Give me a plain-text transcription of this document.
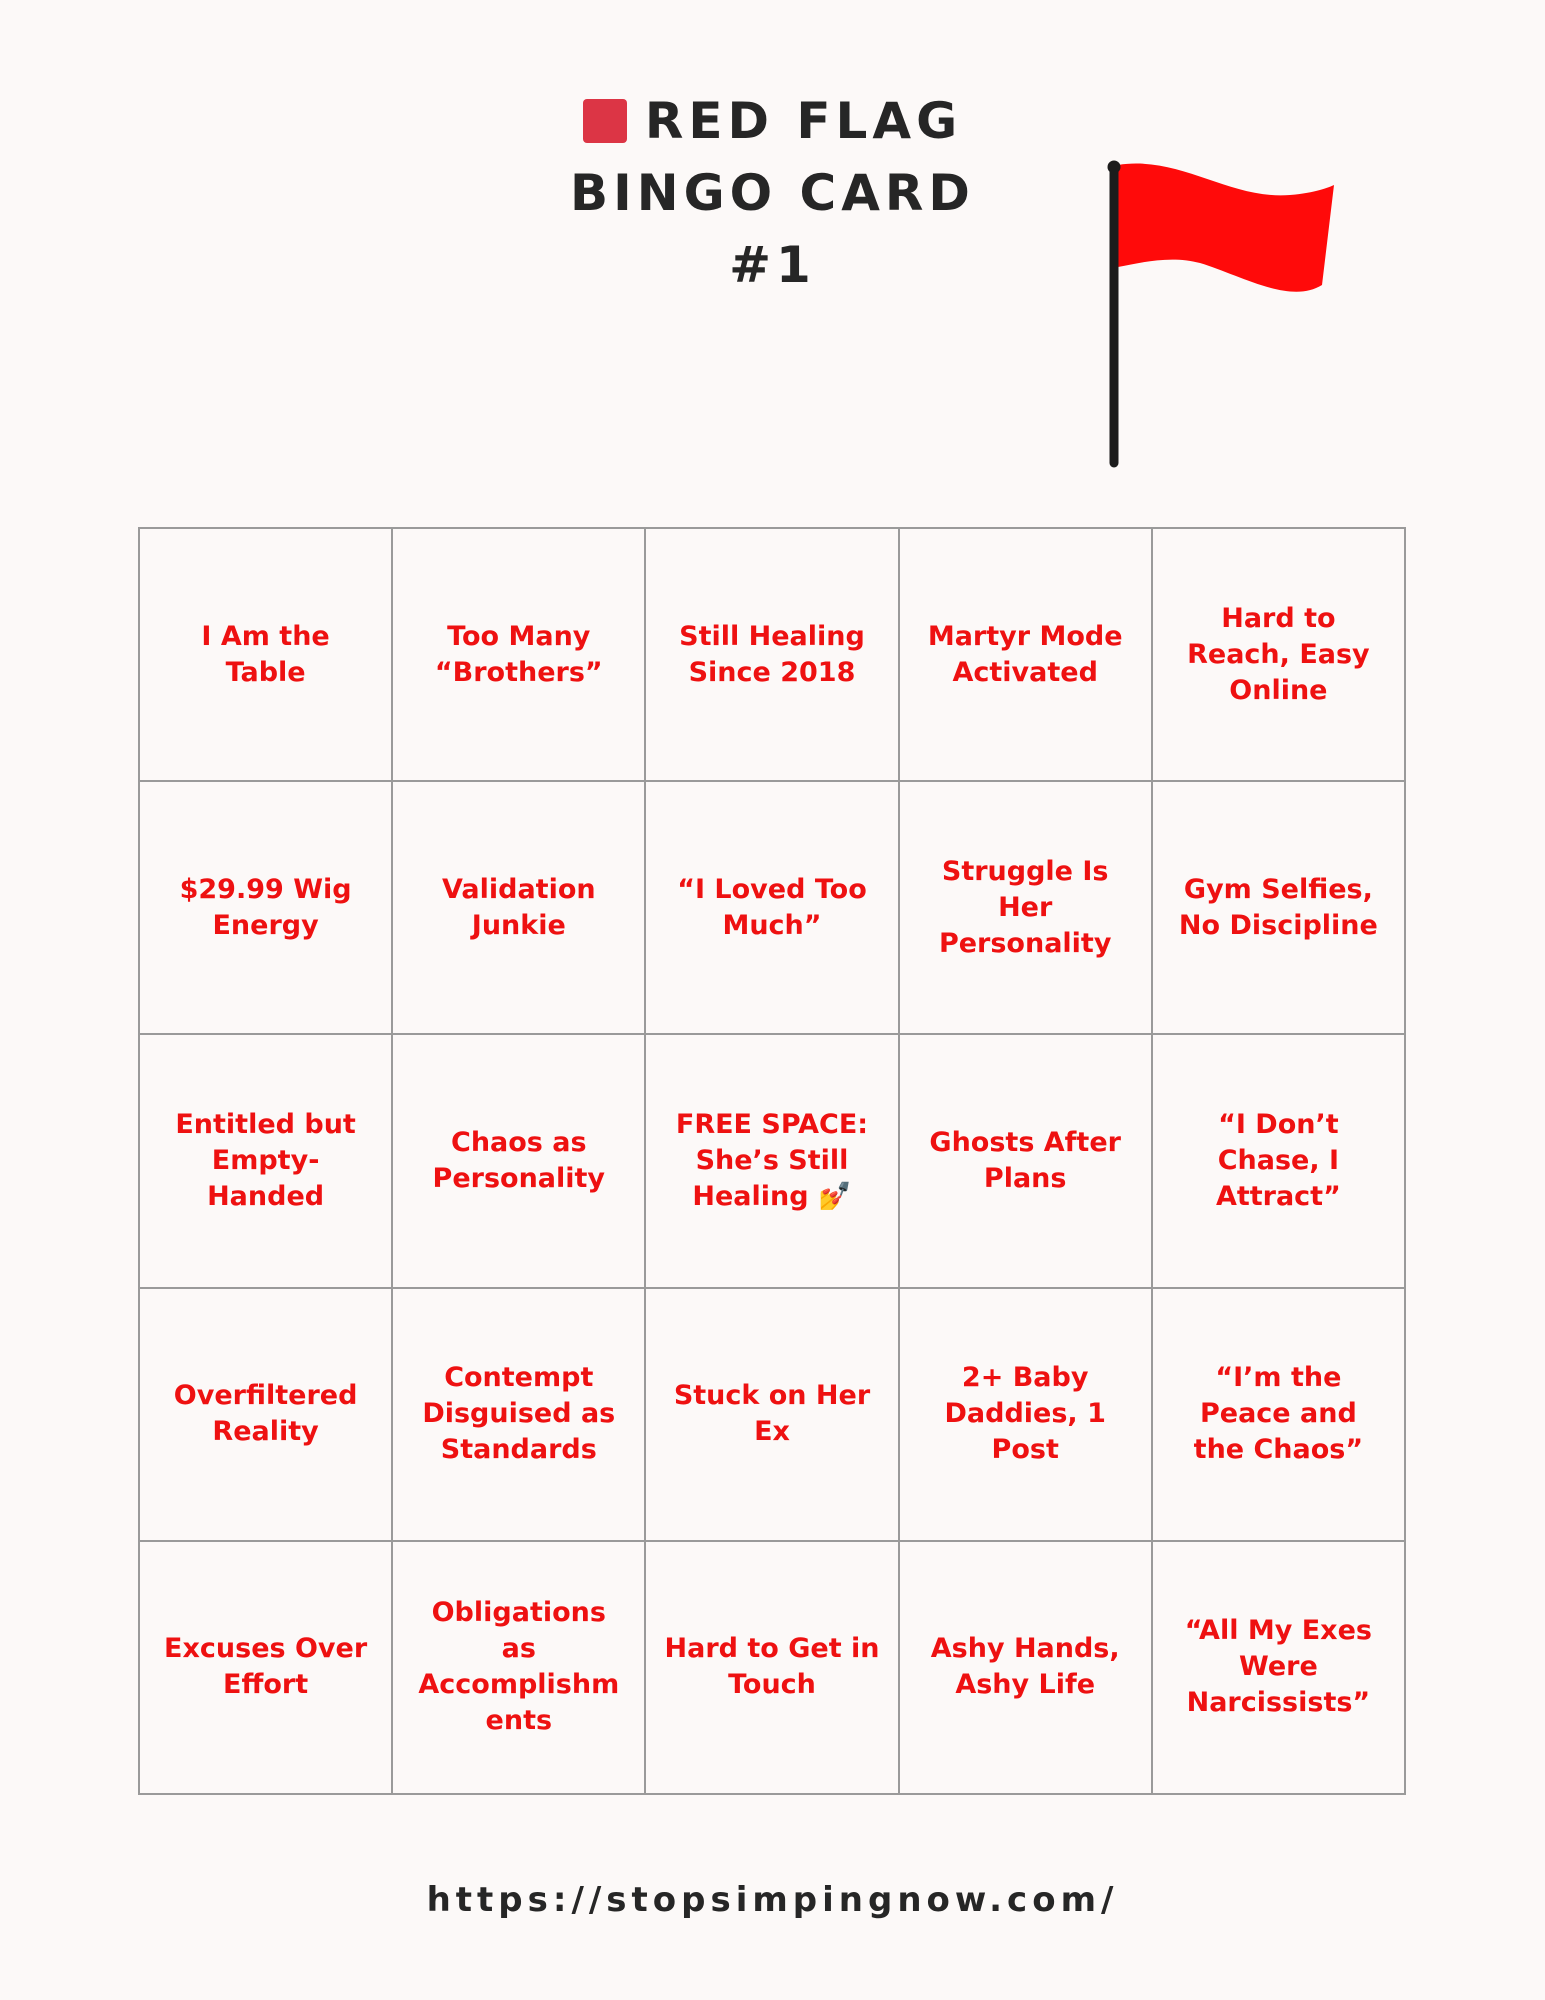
RED FLAG
BINGO CARD
#1
I Am the Table
Too Many “Brothers”
Still Healing Since 2018
Martyr Mode Activated
Hard to Reach, Easy Online
$29.99 Wig Energy
Validation Junkie
“I Loved Too Much”
Struggle Is Her Personality
Gym Selfies, No Discipline
Entitled but Empty-Handed
Chaos as Personality
FREE SPACE: She’s Still Healing 💅
Ghosts After Plans
“I Don’t Chase, I Attract”
Overfiltered Reality
Contempt Disguised as Standards
Stuck on Her Ex
2+ Baby Daddies, 1 Post
“I’m the Peace and the Chaos”
Excuses Over Effort
Obligations as Accomplishments
Hard to Get in Touch
Ashy Hands, Ashy Life
“All My Exes Were Narcissists”
https://stopsimpingnow.com/
